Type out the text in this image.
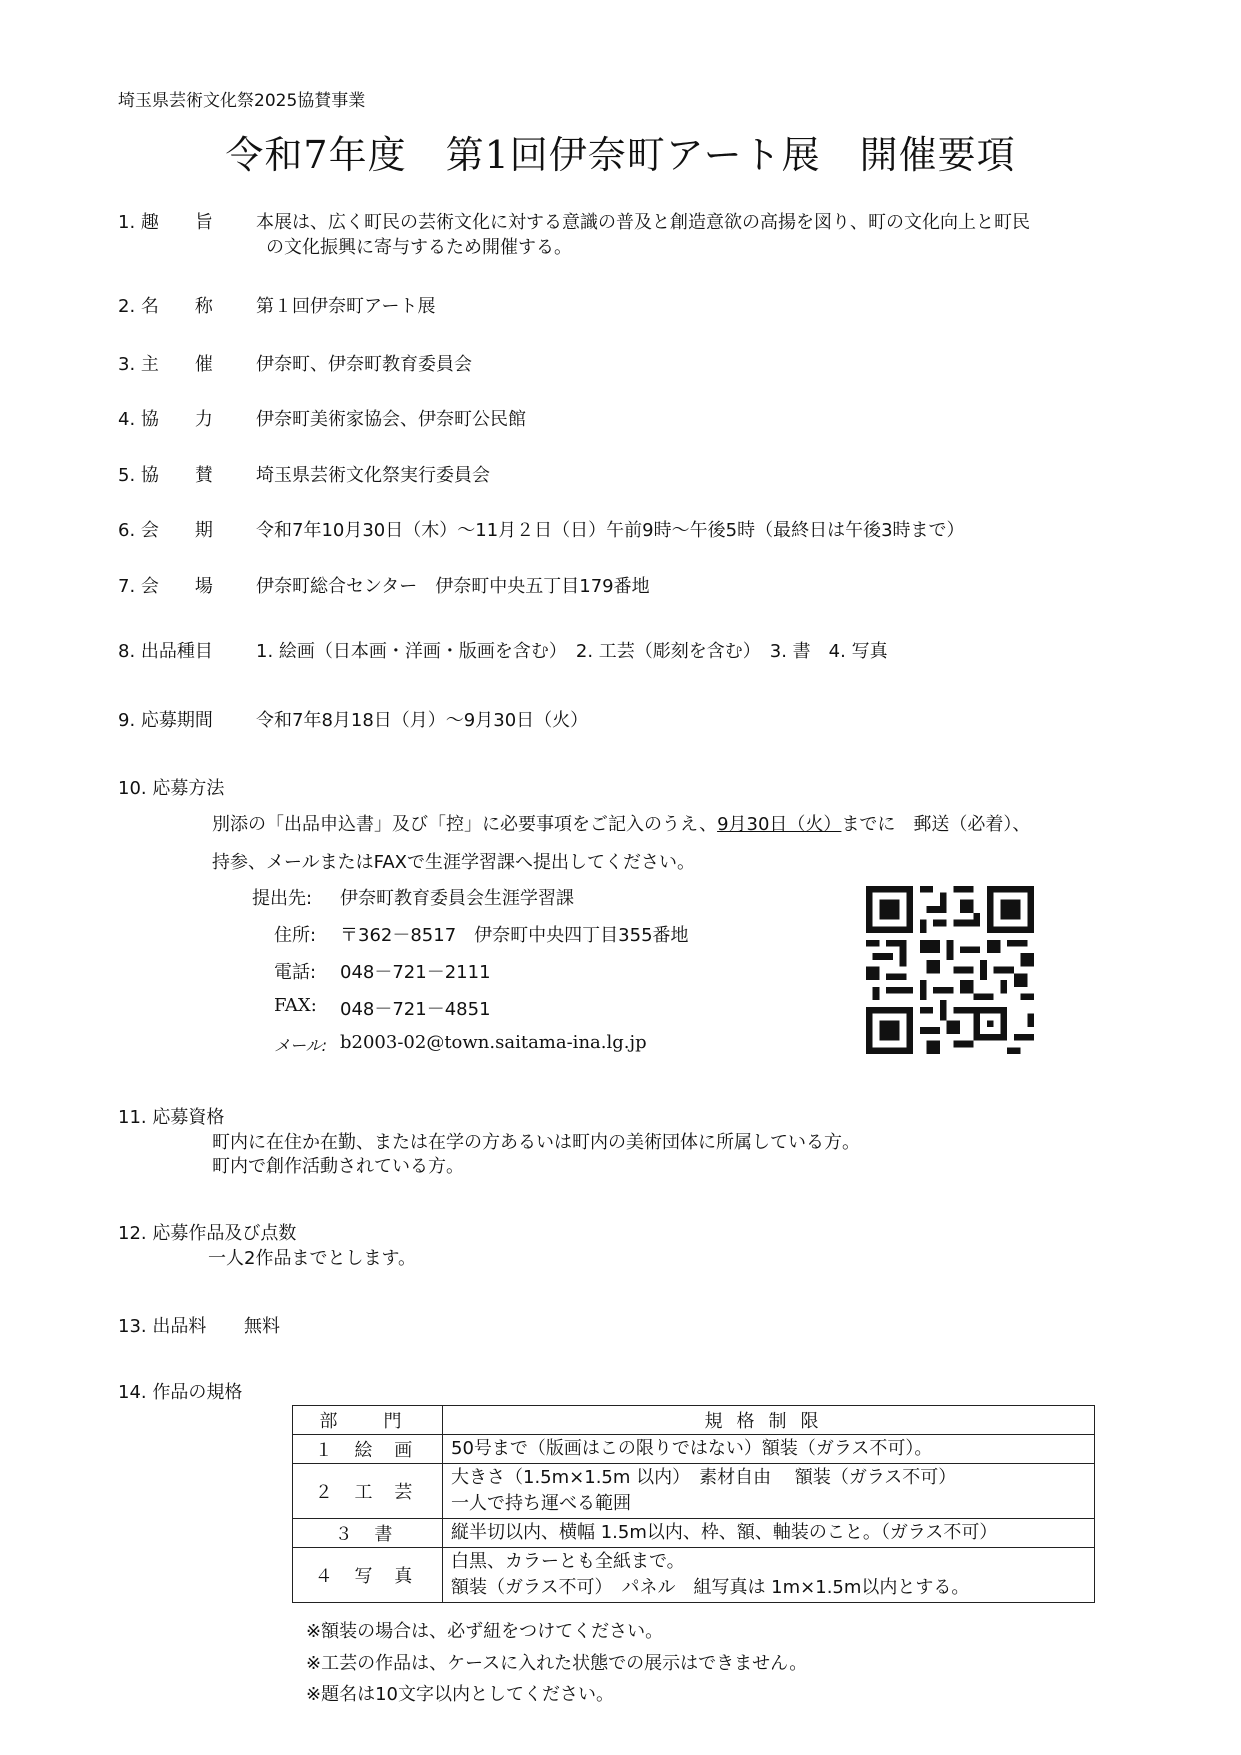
埼玉県芸術文化祭2025協賛事業
令和7年度　第1回伊奈町アート展　開催要項
1. 趣　　旨	本展は、広く町民の芸術文化に対する意識の普及と創造意欲の高揚を図り、町の文化向上と町民
の文化振興に寄与するため開催する。
2. 名　　称	第１回伊奈町アート展
3. 主　　催	伊奈町、伊奈町教育委員会
4. 協　　力	伊奈町美術家協会、伊奈町公民館
5. 協　　賛	埼玉県芸術文化祭実行委員会
6. 会　　期	令和7年10月30日（木）～11月２日（日）午前9時～午後5時（最終日は午後3時まで）
7. 会　　場	伊奈町総合センター　伊奈町中央五丁目179番地
8. 出品種目	1. 絵画（日本画・洋画・版画を含む）　2. 工芸（彫刻を含む）　3. 書　4. 写真
9. 応募期間	令和7年8月18日（月）～9月30日（火）
10. 応募方法
別添の「出品申込書」及び「控」に必要事項をご記入のうえ、9月30日（火）までに　郵送（必着）、
持参、メールまたはFAXで生涯学習課へ提出してください。
提出先: 伊奈町教育委員会生涯学習課
住所: 〒362－8517　伊奈町中央四丁目355番地
電話: 048－721－2111
FAX: 048－721－4851
メール: b2003-02@town.saitama-ina.lg.jp
11. 応募資格
町内に在住か在勤、または在学の方あるいは町内の美術団体に所属している方。
町内で創作活動されている方。
12. 応募作品及び点数
一人2作品までとします。
13. 出品料 無料
14. 作品の規格
部　門	規格制限
１ 絵 画	50号まで（版画はこの限りではない）額装（ガラス不可）。

２ 工 芸	大きさ（1.5m×1.5m 以内）　素材自由　 額装（ガラス不可）
一人で持ち運べる範囲

３ 書	縦半切以内、横幅 1.5m以内、枠、額、軸装のこと。（ガラス不可）

４ 写 真	白黒、カラーとも全紙まで。
額装（ガラス不可）　パネル　組写真は 1m×1.5m以内とする。
※額装の場合は、必ず紐をつけてください。
※工芸の作品は、ケースに入れた状態での展示はできません。
※題名は10文字以内としてください。
